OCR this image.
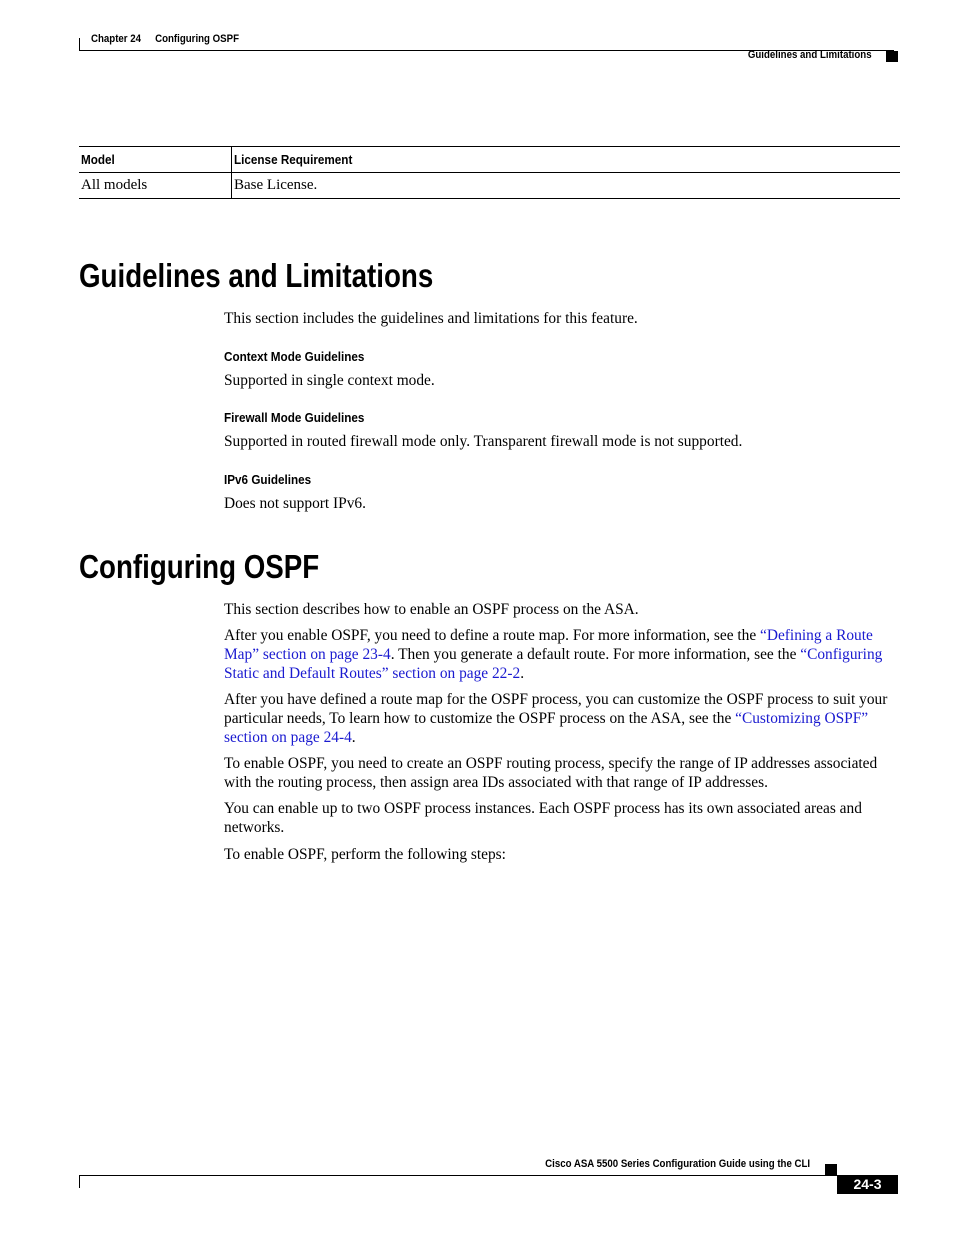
Chapter 24 Configuring OSPF
Guidelines and Limitations
Model	License Requirement
All models	Base License.
Guidelines and Limitations

This section includes the guidelines and limitations for this feature.

Context Mode Guidelines

Supported in single context mode.

Firewall Mode Guidelines

Supported in routed firewall mode only. Transparent firewall mode is not supported.

IPv6 Guidelines

Does not support IPv6.

Configuring OSPF

This section describes how to enable an OSPF process on the ASA.

After you enable OSPF, you need to define a route map. For more information, see the “Defining a Route Map” section on page 23-4. Then you generate a default route. For more information, see the “Configuring Static and Default Routes” section on page 22-2.

After you have defined a route map for the OSPF process, you can customize the OSPF process to suit your particular needs, To learn how to customize the OSPF process on the ASA, see the “Customizing OSPF” section on page 24-4.

To enable OSPF, you need to create an OSPF routing process, specify the range of IP addresses associated with the routing process, then assign area IDs associated with that range of IP addresses.

You can enable up to two OSPF process instances. Each OSPF process has its own associated areas and networks.

To enable OSPF, perform the following steps:

Cisco ASA 5500 Series Configuration Guide using the CLI
24-3
